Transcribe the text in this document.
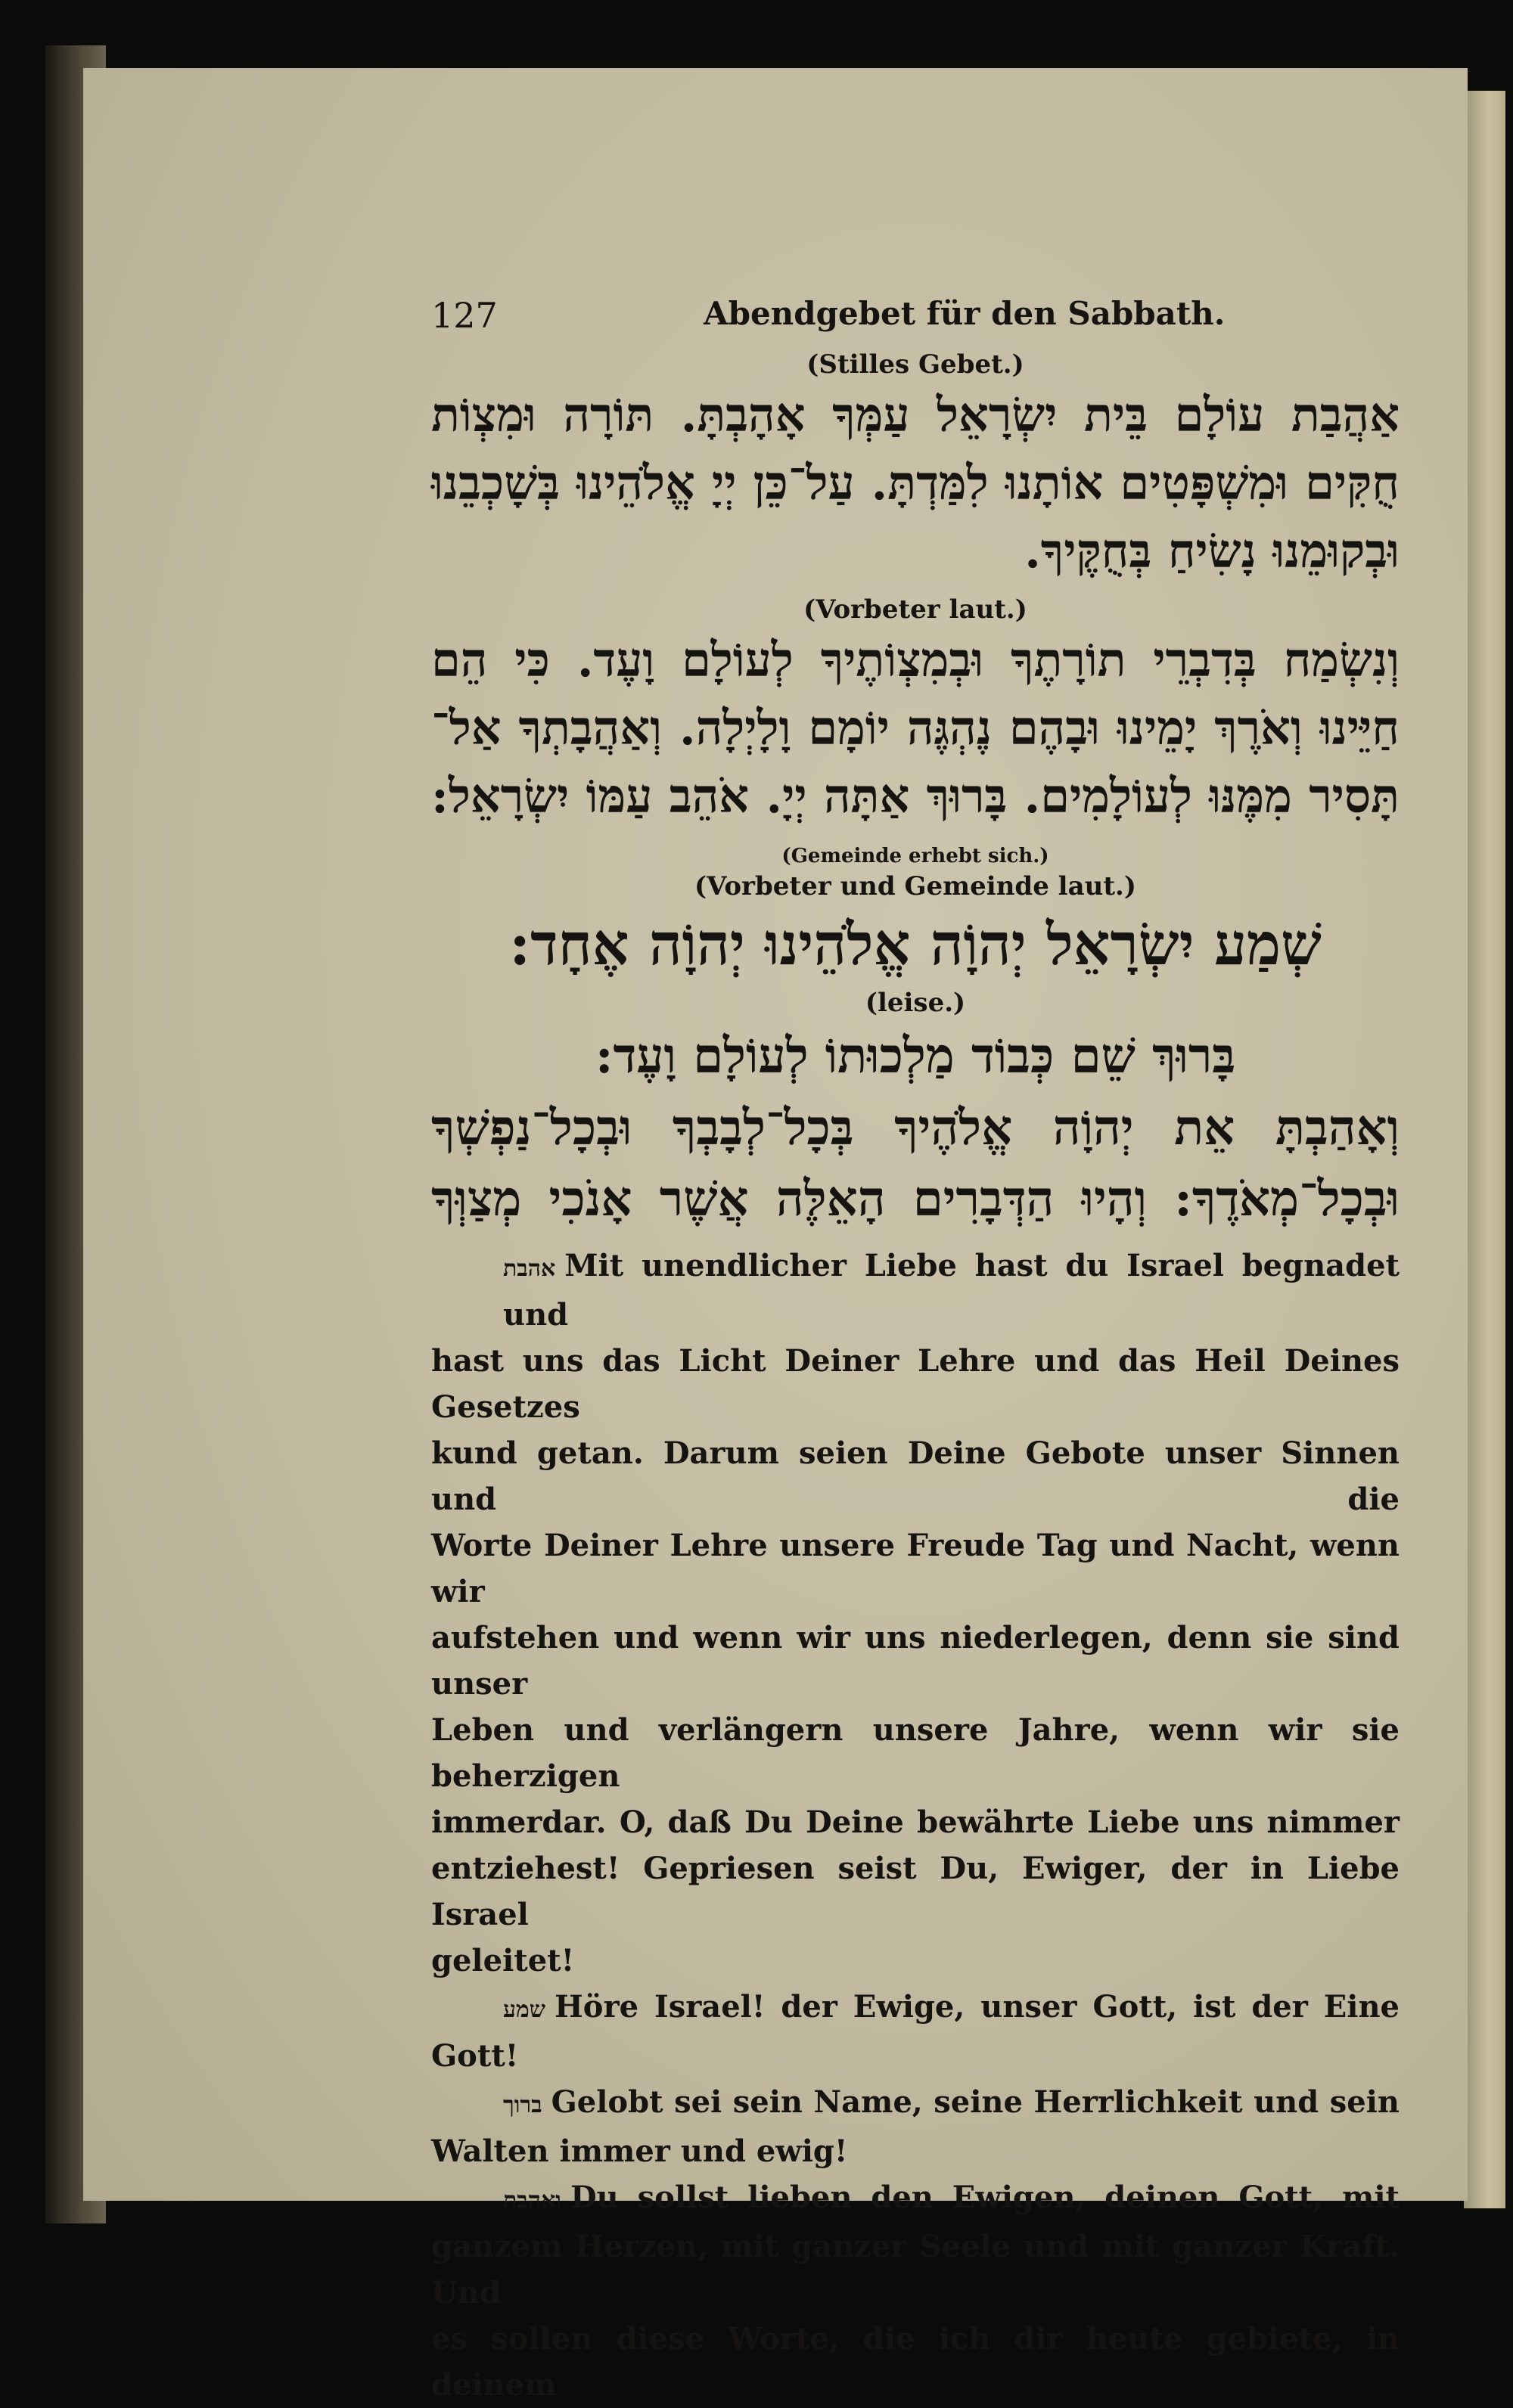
127	Abendgebet für den Sabbath.

(Stilles Gebet.)

אַהֲבַת עוֹלָם בֵּית יִשְׂרָאֵל עַמְּךָ אָהָבְתָּ. תּוֹרָה וּמִצְוֹת
חֻקִּים וּמִשְׁפָּטִים אוֹתָנוּ לִמַּדְתָּ. עַל־כֵּן יְיָ אֱלֹהֵינוּ בְּשָׁכְבֵנוּ
וּבְקוּמֵנוּ נָשִׂיחַ בְּחֻקֶּיךָ.

(Vorbeter laut.)

וְנִשְׂמַח בְּדִבְרֵי תוֹרָתֶךָ וּבְמִצְוֹתֶיךָ לְעוֹלָם וָעֶד. כִּי הֵם
חַיֵּינוּ וְאֹרֶךְ יָמֵינוּ וּבָהֶם נֶהְגֶּה יוֹמָם וָלָיְלָה. וְאַהֲבָתְךָ אַל־
תָּסִיר מִמֶּנּוּ לְעוֹלָמִים. בָּרוּךְ אַתָּה יְיָ. אֹהֵב עַמּוֹ יִשְׂרָאֵל:

(Gemeinde erhebt sich.)

(Vorbeter und Gemeinde laut.)

שְׁמַע יִשְׂרָאֵל יְהוָֹה אֱלֹהֵינוּ יְהוָֹה אֶחָד:

(leise.)

בָּרוּךְ שֵׁם כְּבוֹד מַלְכוּתוֹ לְעוֹלָם וָעֶד:

וְאָהַבְתָּ אֵת יְהוָֹה אֱלֹהֶיךָ בְּכָל־לְבָבְךָ וּבְכָל־נַפְשְׁךָ
וּבְכָל־מְאֹדֶךָ: וְהָיוּ הַדְּבָרִים הָאֵלֶּה אֲשֶׁר אָנֹכִי מְצַוְּךָ

אהבת Mit unendlicher Liebe hast du Israel begnadet und
hast uns das Licht Deiner Lehre und das Heil Deines Gesetzes
kund getan. Darum seien Deine Gebote unser Sinnen und die
Worte Deiner Lehre unsere Freude Tag und Nacht, wenn wir
aufstehen und wenn wir uns niederlegen, denn sie sind unser
Leben und verlängern unsere Jahre, wenn wir sie beherzigen
immerdar. O, daß Du Deine bewährte Liebe uns nimmer
entziehest! Gepriesen seist Du, Ewiger, der in Liebe Israel
geleitet!
שמע Höre Israel! der Ewige, unser Gott, ist der Eine
Gott!
ברוך Gelobt sei sein Name, seine Herrlichkeit und sein
Walten immer und ewig!
ואהבת Du sollst lieben den Ewigen, deinen Gott, mit
ganzem Herzen, mit ganzer Seele und mit ganzer Kraft. Und
es sollen diese Worte, die ich dir heute gebiete, in deinem
